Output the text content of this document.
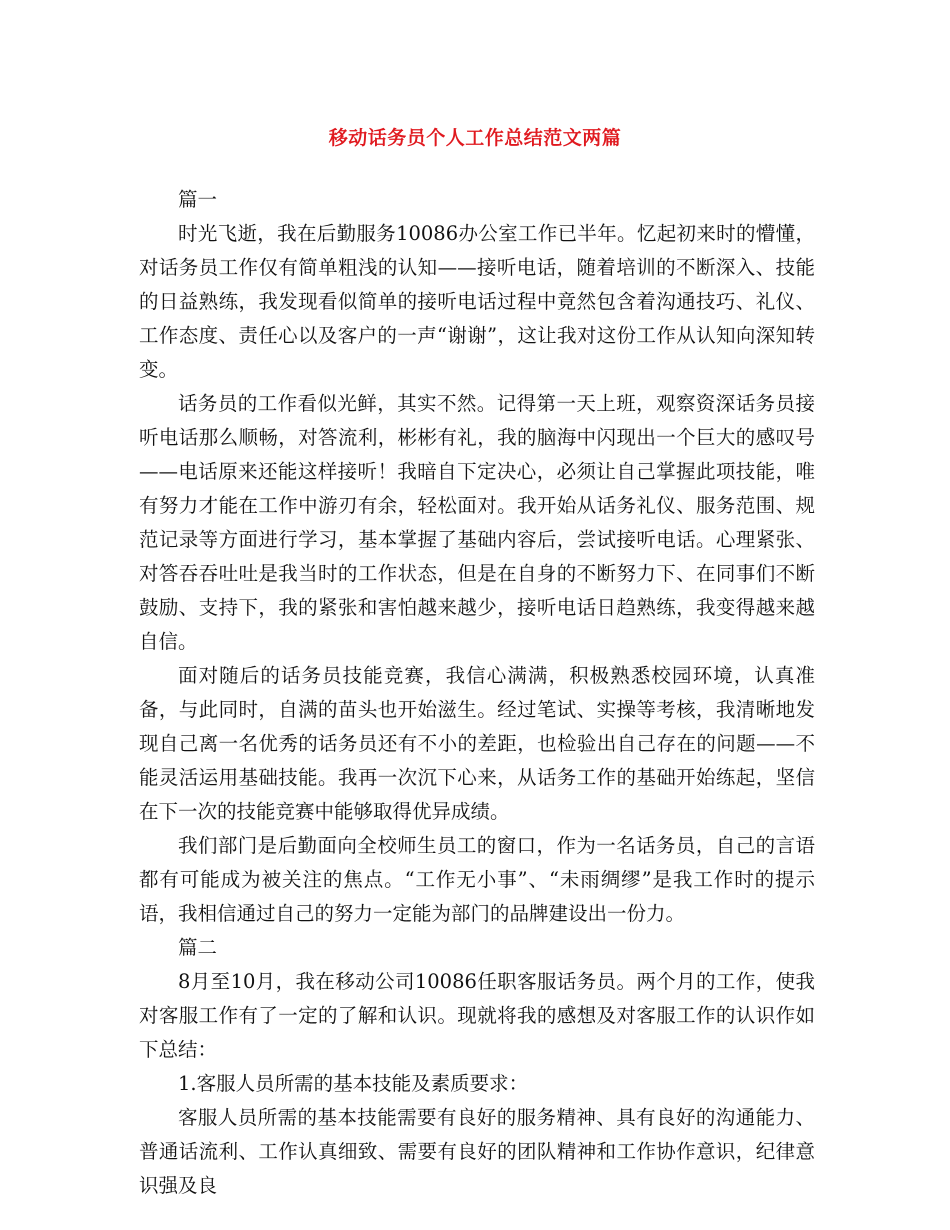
移动话务员个人工作总结范文两篇

篇一

时光飞逝，我在后勤服务10086办公室工作已半年。忆起初来时的懵懂，对话务员工作仅有简单粗浅的认知——接听电话，随着培训的不断深入、技能的日益熟练，我发现看似简单的接听电话过程中竟然包含着沟通技巧、礼仪、工作态度、责任心以及客户的一声“谢谢”，这让我对这份工作从认知向深知转变。

话务员的工作看似光鲜，其实不然。记得第一天上班，观察资深话务员接听电话那么顺畅，对答流利，彬彬有礼，我的脑海中闪现出一个巨大的感叹号——电话原来还能这样接听！我暗自下定决心，必须让自己掌握此项技能，唯有努力才能在工作中游刃有余，轻松面对。我开始从话务礼仪、服务范围、规范记录等方面进行学习，基本掌握了基础内容后，尝试接听电话。心理紧张、对答吞吞吐吐是我当时的工作状态，但是在自身的不断努力下、在同事们不断鼓励、支持下，我的紧张和害怕越来越少，接听电话日趋熟练，我变得越来越自信。

面对随后的话务员技能竞赛，我信心满满，积极熟悉校园环境，认真准备，与此同时，自满的苗头也开始滋生。经过笔试、实操等考核，我清晰地发现自己离一名优秀的话务员还有不小的差距，也检验出自己存在的问题——不能灵活运用基础技能。我再一次沉下心来，从话务工作的基础开始练起，坚信在下一次的技能竞赛中能够取得优异成绩。

我们部门是后勤面向全校师生员工的窗口，作为一名话务员，自己的言语都有可能成为被关注的焦点。“工作无小事”、“未雨绸缪”是我工作时的提示语，我相信通过自己的努力一定能为部门的品牌建设出一份力。

篇二

8月至10月，我在移动公司10086任职客服话务员。两个月的工作，使我对客服工作有了一定的了解和认识。现就将我的感想及对客服工作的认识作如下总结：

1.客服人员所需的基本技能及素质要求：

客服人员所需的基本技能需要有良好的服务精神、具有良好的沟通能力、普通话流利、工作认真细致、需要有良好的团队精神和工作协作意识，纪律意识强及良
